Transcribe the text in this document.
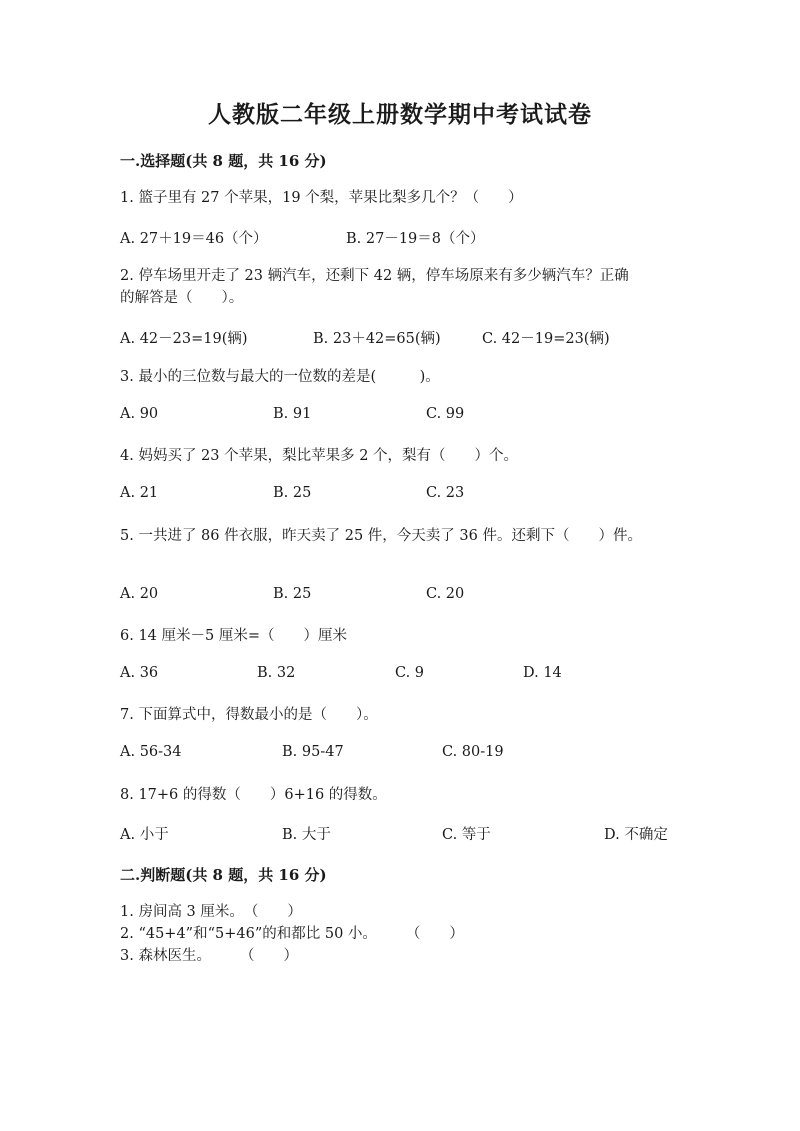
人教版二年级上册数学期中考试试卷
一.选择题(共 8 题，共 16 分)
1. 篮子里有 27 个苹果，19 个梨，苹果比梨多几个？（　　）
A. 27＋19＝46（个）	B. 27－19＝8（个）
2. 停车场里开走了 23 辆汽车，还剩下 42 辆，停车场原来有多少辆汽车？正确
的解答是（　　）。
A. 42－23=19(辆)	B. 23＋42=65(辆)	C. 42－19=23(辆)
3. 最小的三位数与最大的一位数的差是(　　　)。
A. 90	B. 91	C. 99
4. 妈妈买了 23 个苹果，梨比苹果多 2 个，梨有（　　）个。
A. 21	B. 25	C. 23
5. 一共进了 86 件衣服，昨天卖了 25 件，今天卖了 36 件。还剩下（　　）件。
A. 20	B. 25	C. 20
6. 14 厘米－5 厘米=（　　）厘米
A. 36	B. 32	C. 9	D. 14
7. 下面算式中，得数最小的是（　　）。
A. 56-34	B. 95-47	C. 80-19
8. 17+6 的得数（　　）6+16 的得数。
A. 小于	B. 大于	C. 等于	D. 不确定
二.判断题(共 8 题，共 16 分)
1. 房间高 3 厘米。　（　　）
2. “45+4”和“5+46”的和都比 50 小。　　　（　　）
3. 森林医生。　　　（　　）
